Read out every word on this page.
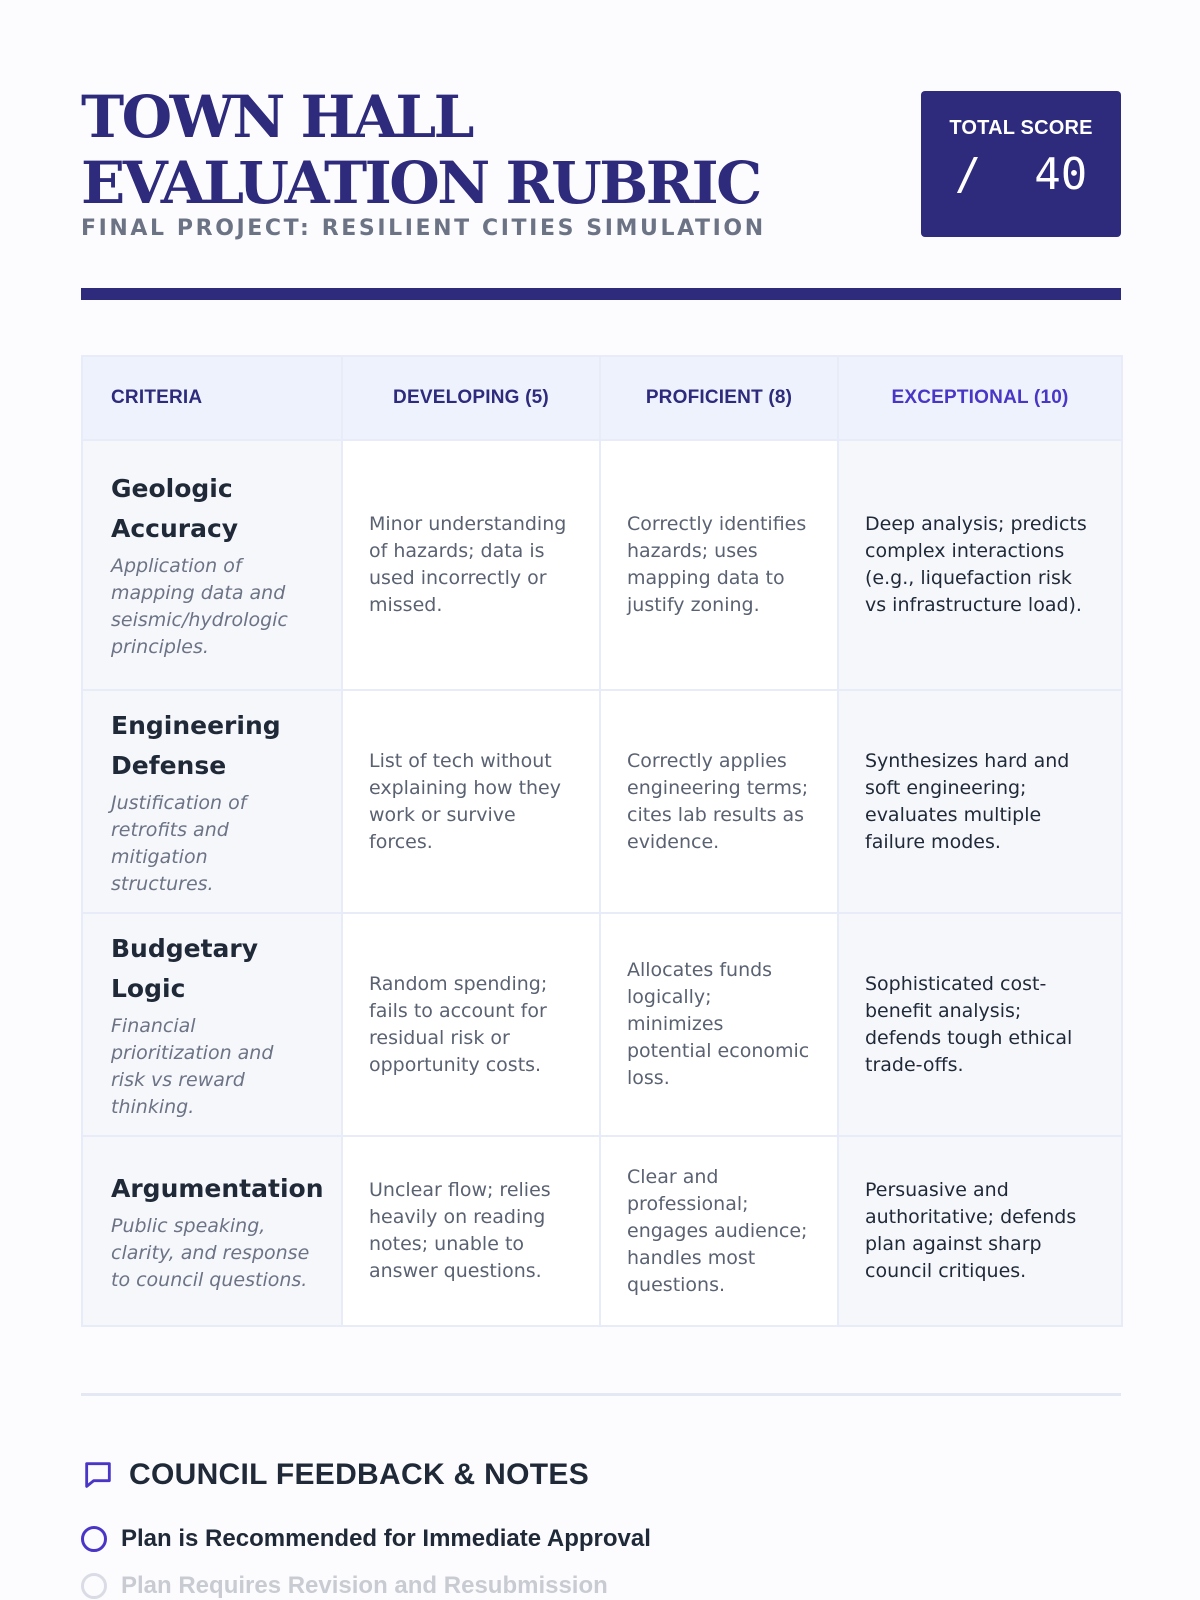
TOWN HALL EVALUATION RUBRIC
FINAL PROJECT: RESILIENT CITIES SIMULATION
TOTAL SCORE
/  40
CRITERIA	DEVELOPING (5)	PROFICIENT (8)	EXCEPTIONAL (10)

Geologic Accuracy
Application of mapping data and seismic/hydrologic principles.	Minor understanding of hazards; data is used incorrectly or missed.	Correctly identifies hazards; uses mapping data to justify zoning.	Deep analysis; predicts complex interactions (e.g., liquefaction risk vs infrastructure load).

Engineering Defense
Justification of retrofits and mitigation structures.	List of tech without explaining how they work or survive forces.	Correctly applies engineering terms; cites lab results as evidence.	Synthesizes hard and soft engineering; evaluates multiple failure modes.

Budgetary Logic
Financial prioritization and risk vs reward thinking.	Random spending; fails to account for residual risk or opportunity costs.	Allocates funds logically; minimizes potential economic loss.	Sophisticated cost-benefit analysis; defends tough ethical trade-offs.

Argumentation
Public speaking, clarity, and response to council questions.	Unclear flow; relies heavily on reading notes; unable to answer questions.	Clear and professional; engages audience; handles most questions.	Persuasive and authoritative; defends plan against sharp council critiques.
COUNCIL FEEDBACK & NOTES
Plan is Recommended for Immediate Approval
Plan Requires Revision and Resubmission
